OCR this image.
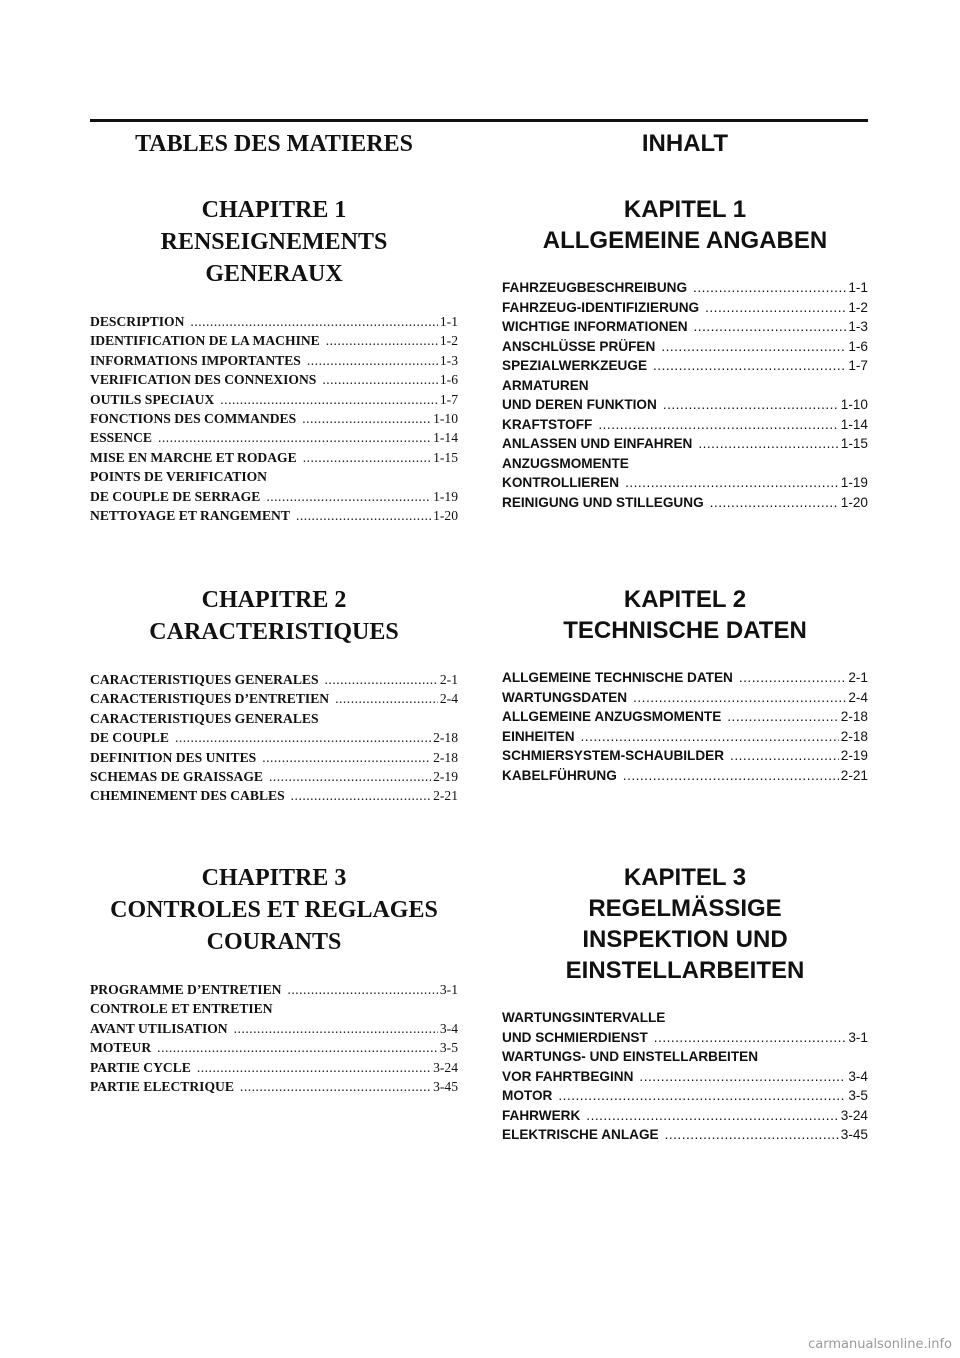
TABLES DES MATIERES
CHAPITRE 1
RENSEIGNEMENTS
GENERAUX
DESCRIPTION .....	1-1
IDENTIFICATION DE LA MACHINE .....	1-2
INFORMATIONS IMPORTANTES .....	1-3
VERIFICATION DES CONNEXIONS .....	1-6
OUTILS SPECIAUX .....	1-7
FONCTIONS DES COMMANDES .....	1-10
ESSENCE .....	1-14
MISE EN MARCHE ET RODAGE .....	1-15
POINTS DE VERIFICATION
DE COUPLE DE SERRAGE .....	1-19
NETTOYAGE ET RANGEMENT .....	1-20
CHAPITRE 2
CARACTERISTIQUES
CARACTERISTIQUES GENERALES .....	2-1
CARACTERISTIQUES D’ENTRETIEN .....	2-4
CARACTERISTIQUES GENERALES
DE COUPLE .....	2-18
DEFINITION DES UNITES .....	2-18
SCHEMAS DE GRAISSAGE .....	2-19
CHEMINEMENT DES CABLES .....	2-21
CHAPITRE 3
CONTROLES ET REGLAGES
COURANTS
PROGRAMME D’ENTRETIEN .....	3-1
CONTROLE ET ENTRETIEN
AVANT UTILISATION .....	3-4
MOTEUR .....	3-5
PARTIE CYCLE .....	3-24
PARTIE ELECTRIQUE .....	3-45
INHALT
KAPITEL 1
ALLGEMEINE ANGABEN
FAHRZEUGBESCHREIBUNG .....	1-1
FAHRZEUG-IDENTIFIZIERUNG .....	1-2
WICHTIGE INFORMATIONEN .....	1-3
ANSCHLÜSSE PRÜFEN .....	1-6
SPEZIALWERKZEUGE .....	1-7
ARMATUREN
UND DEREN FUNKTION .....	1-10
KRAFTSTOFF .....	1-14
ANLASSEN UND EINFAHREN .....	1-15
ANZUGSMOMENTE
KONTROLLIEREN .....	1-19
REINIGUNG UND STILLEGUNG .....	1-20
KAPITEL 2
TECHNISCHE DATEN
ALLGEMEINE TECHNISCHE DATEN .....	2-1
WARTUNGSDATEN .....	2-4
ALLGEMEINE ANZUGSMOMENTE .....	2-18
EINHEITEN .....	2-18
SCHMIERSYSTEM-SCHAUBILDER .....	2-19
KABELFÜHRUNG .....	2-21
KAPITEL 3
REGELMÄSSIGE
INSPEKTION UND
EINSTELLARBEITEN
WARTUNGSINTERVALLE
UND SCHMIERDIENST .....	3-1
WARTUNGS- UND EINSTELLARBEITEN
VOR FAHRTBEGINN .....	3-4
MOTOR .....	3-5
FAHRWERK .....	3-24
ELEKTRISCHE ANLAGE .....	3-45
carmanualsonline.info
